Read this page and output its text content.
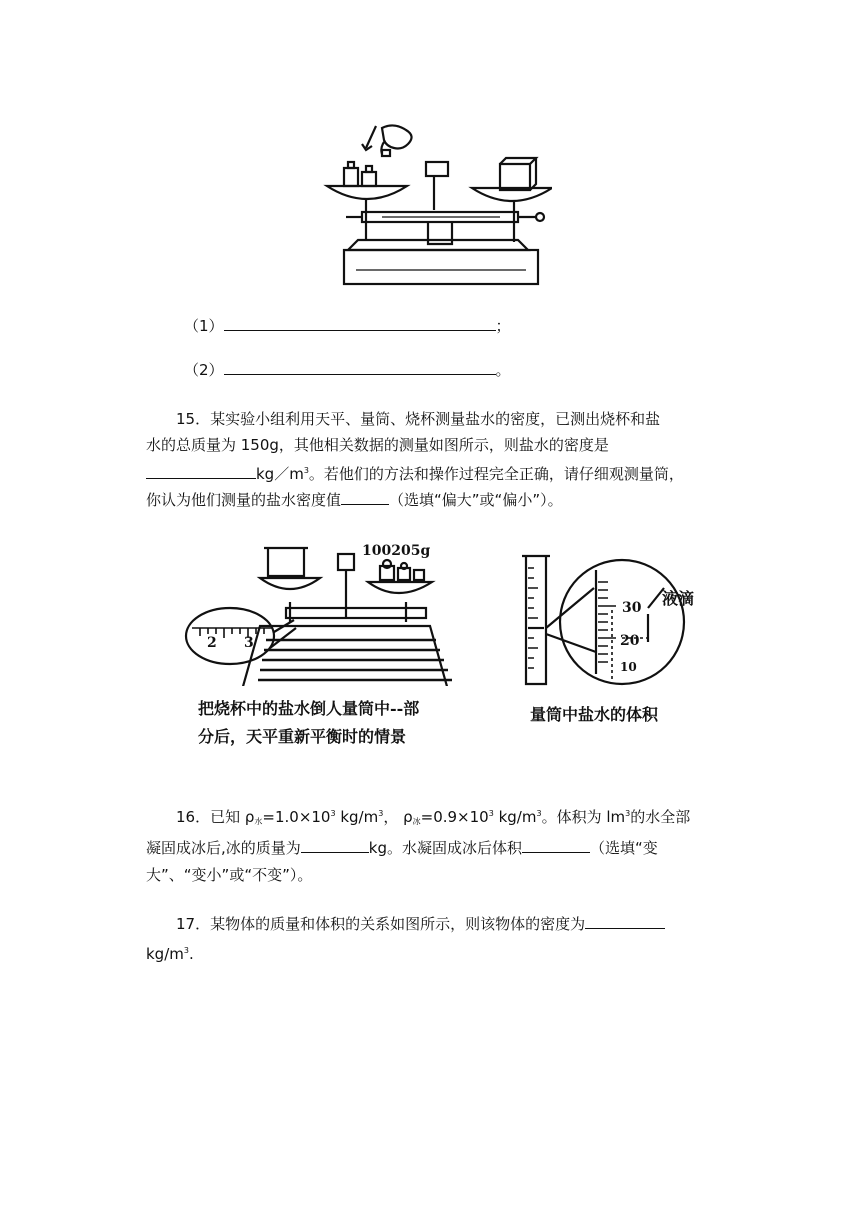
（1）	；
（2）	。
15．某实验小组利用天平、量筒、烧杯测量盐水的密度，已测出烧杯和盐
水的总质量为 150g，其他相关数据的测量如图所示，则盐水的密度是
$kg/m^3$。若他们的方法和操作过程完全正确，请仔细观测量筒，
你认为他们测量的盐水密度值	（选填“偏大”或“偏小”）。
100205g
2 3
把烧杯中的盐水倒人量筒中--部
分后，天平重新平衡时的情景
30
20
10
液滴
量筒中盐水的体积
16．已知 $\rho_水=1.0\times 10^3$ $kg/m^3$， $\rho_冰=0.9\times 10^3$ $kg/m^3$。体积为 $lm^3$的水全部
凝固成冰后,冰的质量为	kg。水凝固成冰后体积	（选填“变
大”、“变小”或“不变”）。
17．某物体的质量和体积的关系如图所示，则该物体的密度为
$kg/m^3$.
